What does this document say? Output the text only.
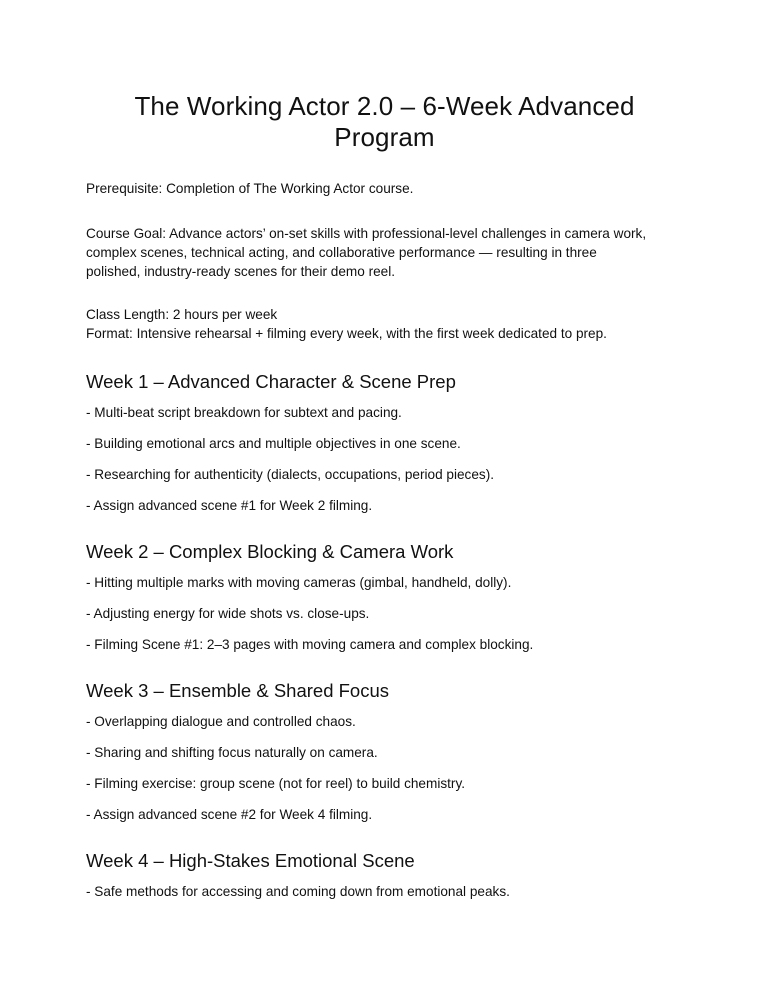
The Working Actor 2.0 – 6-Week Advanced
Program

Prerequisite: Completion of The Working Actor course.

Course Goal: Advance actors’ on-set skills with professional-level challenges in camera work,
complex scenes, technical acting, and collaborative performance — resulting in three
polished, industry-ready scenes for their demo reel.

Class Length: 2 hours per week
Format: Intensive rehearsal + filming every week, with the first week dedicated to prep.

Week 1 – Advanced Character & Scene Prep

- Multi-beat script breakdown for subtext and pacing.

- Building emotional arcs and multiple objectives in one scene.

- Researching for authenticity (dialects, occupations, period pieces).

- Assign advanced scene #1 for Week 2 filming.

Week 2 – Complex Blocking & Camera Work

- Hitting multiple marks with moving cameras (gimbal, handheld, dolly).

- Adjusting energy for wide shots vs. close-ups.

- Filming Scene #1: 2–3 pages with moving camera and complex blocking.

Week 3 – Ensemble & Shared Focus

- Overlapping dialogue and controlled chaos.

- Sharing and shifting focus naturally on camera.

- Filming exercise: group scene (not for reel) to build chemistry.

- Assign advanced scene #2 for Week 4 filming.

Week 4 – High-Stakes Emotional Scene

- Safe methods for accessing and coming down from emotional peaks.
